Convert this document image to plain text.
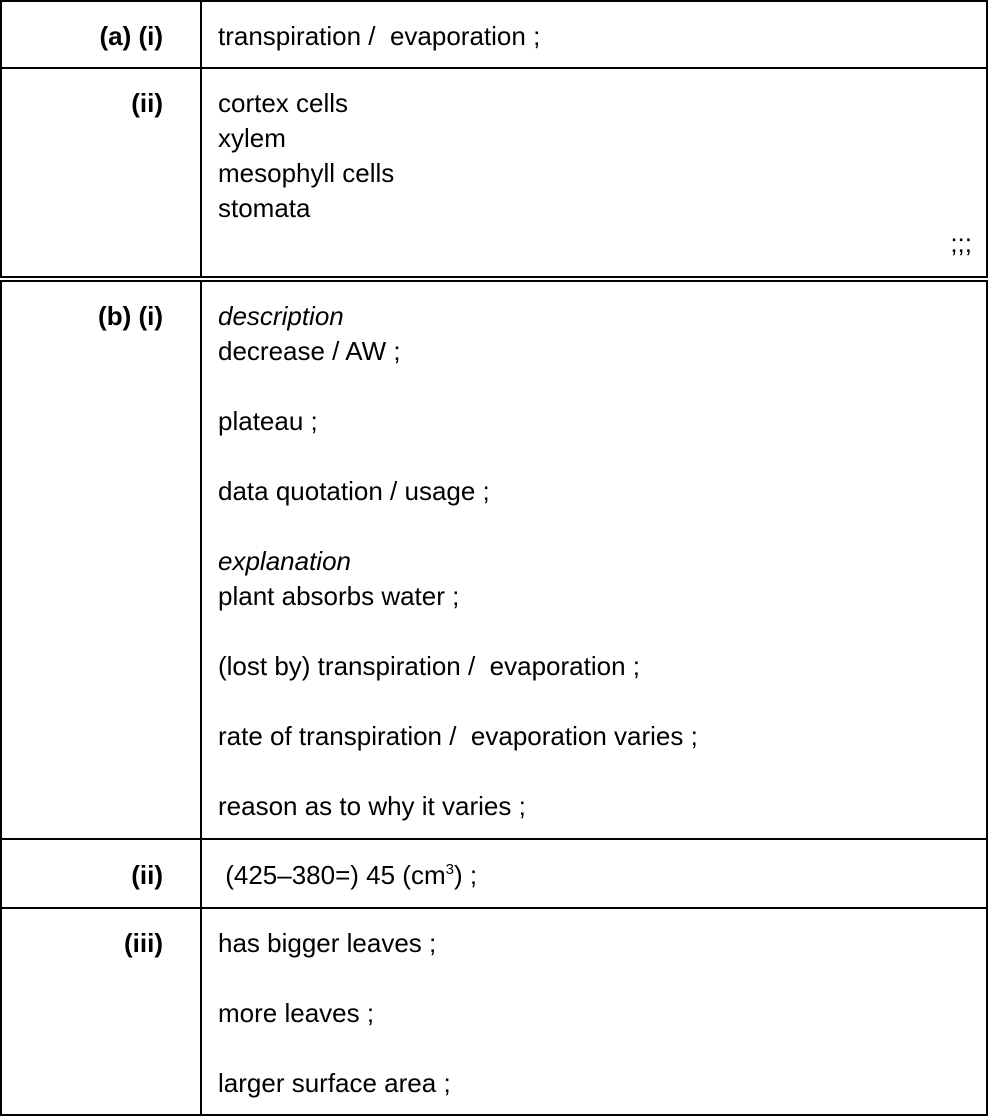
(a) (i) transpiration /  evaporation ;
(ii) cortex cells
xylem
mesophyll cells
stomata
;;;
(b) (i) description
decrease / AW ;
plateau ;
data quotation / usage ;
explanation
plant absorbs water ;
(lost by) transpiration /  evaporation ;
rate of transpiration /  evaporation varies ;
reason as to why it varies ;
(ii) (425–380=) 45 $(cm^3)$ ;
(iii) has bigger leaves ;
more leaves ;
larger surface area ;
